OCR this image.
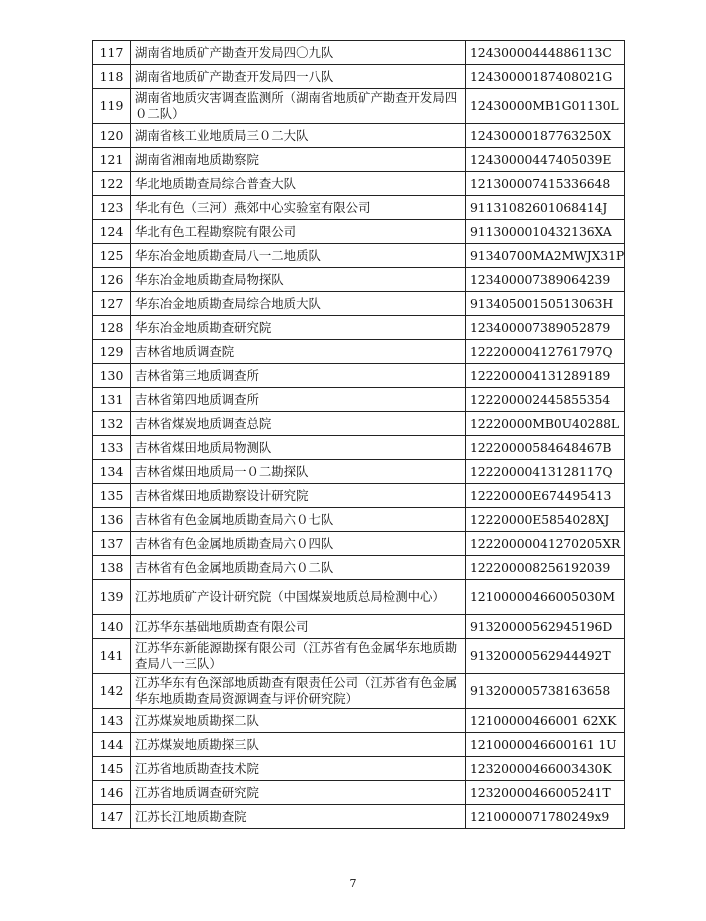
117	湖南省地质矿产勘查开发局四〇九队	12430000444886113C
118	湖南省地质矿产勘查开发局四一八队	12430000187408021G
119	湖南省地质灾害调查监测所（湖南省地质矿产勘查开发局四０二队）	12430000MB1G01130L
120	湖南省核工业地质局三０二大队	12430000187763250X
121	湖南省湘南地质勘察院	12430000447405039E
122	华北地质勘查局综合普查大队	121300007415336648
123	华北有色（三河）燕郊中心实验室有限公司	91131082601068414J
124	华北有色工程勘察院有限公司	9113000010432136XA
125	华东冶金地质勘查局八一二地质队	91340700MA2MWJX31P
126	华东冶金地质勘查局物探队	123400007389064239
127	华东冶金地质勘查局综合地质大队	91340500150513063H
128	华东冶金地质勘查研究院	123400007389052879
129	吉林省地质调查院	12220000412761797Q
130	吉林省第三地质调查所	122200004131289189
131	吉林省第四地质调查所	122200002445855354
132	吉林省煤炭地质调查总院	12220000MB0U40288L
133	吉林省煤田地质局物测队	12220000584648467B
134	吉林省煤田地质局一０二勘探队	12220000413128117Q
135	吉林省煤田地质勘察设计研究院	12220000E674495413
136	吉林省有色金属地质勘查局六０七队	12220000E5854028XJ
137	吉林省有色金属地质勘查局六０四队	12220000041270205XR
138	吉林省有色金属地质勘查局六０二队	122200008256192039
139	江苏地质矿产设计研究院（中国煤炭地质总局检测中心）	12100000466005030M
140	江苏华东基础地质勘查有限公司	91320000562945196D
141	江苏华东新能源勘探有限公司（江苏省有色金属华东地质勘查局八一三队）	91320000562944492T
142	江苏华东有色深部地质勘查有限责任公司（江苏省有色金属华东地质勘查局资源调查与评价研究院）	913200005738163658
143	江苏煤炭地质勘探二队	12100000466001 62XK
144	江苏煤炭地质勘探三队	1210000046600161 1U
145	江苏省地质勘查技术院	12320000466003430K
146	江苏省地质调查研究院	12320000466005241T
147	江苏长江地质勘查院	1210000071780249x9
7
